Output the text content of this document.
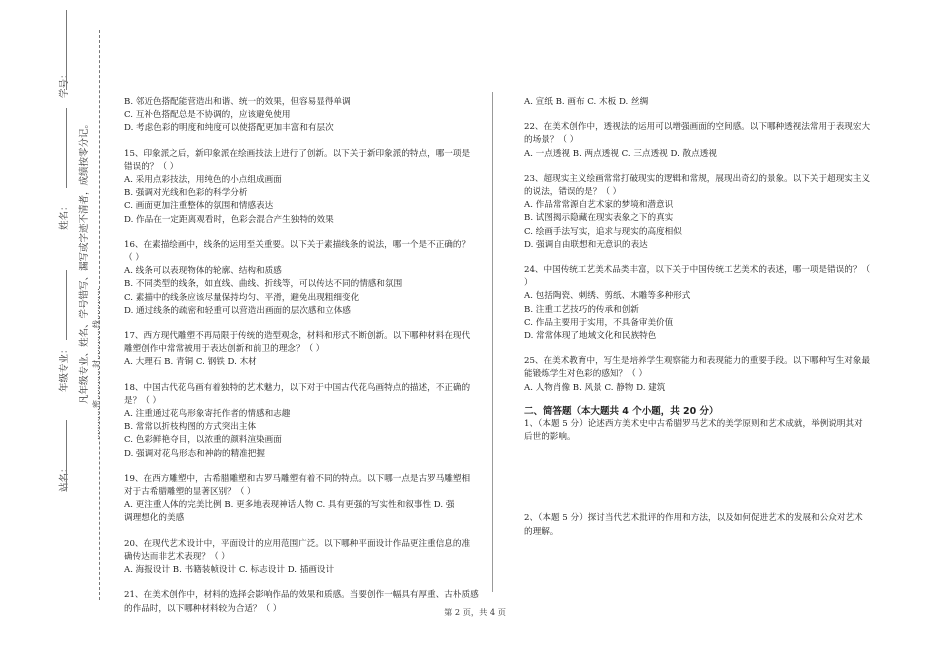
学号：
姓名：
年级专业：
站名：
凡年级专业、姓名、学号错写、漏写或字迹不清者，成绩按零分记。 …………密…………封…………线…………
B. 邻近色搭配能营造出和谐、统一的效果，但容易显得单调
C. 互补色搭配总是不协调的，应该避免使用
D. 考虑色彩的明度和纯度可以使搭配更加丰富和有层次
15、印象派之后，新印象派在绘画技法上进行了创新。以下关于新印象派的特点，哪一项是
错误的？（ ）
A. 采用点彩技法，用纯色的小点组成画面
B. 强调对光线和色彩的科学分析
C. 画面更加注重整体的氛围和情感表达
D. 作品在一定距离观看时，色彩会混合产生独特的效果
16、在素描绘画中，线条的运用至关重要。以下关于素描线条的说法，哪一个是不正确的？
（ ）
A. 线条可以表现物体的轮廓、结构和质感
B. 不同类型的线条，如直线、曲线、折线等，可以传达不同的情感和氛围
C. 素描中的线条应该尽量保持均匀、平滑，避免出现粗细变化
D. 通过线条的疏密和轻重可以营造出画面的层次感和立体感
17、西方现代雕塑不再局限于传统的造型观念，材料和形式不断创新。以下哪种材料在现代
雕塑创作中常常被用于表达创新和前卫的理念？（ ）
A. 大理石 B. 青铜 C. 钢铁 D. 木材
18、中国古代花鸟画有着独特的艺术魅力，以下对于中国古代花鸟画特点的描述，不正确的
是？（ ）
A. 注重通过花鸟形象寄托作者的情感和志趣
B. 常常以折枝构图的方式突出主体
C. 色彩鲜艳夺目，以浓重的颜料渲染画面
D. 强调对花鸟形态和神韵的精准把握
19、在西方雕塑中，古希腊雕塑和古罗马雕塑有着不同的特点。以下哪一点是古罗马雕塑相
对于古希腊雕塑的显著区别？（ ）
A. 更注重人体的完美比例 B. 更多地表现神话人物 C. 具有更强的写实性和叙事性 D. 强
调理想化的美感
20、在现代艺术设计中，平面设计的应用范围广泛。以下哪种平面设计作品更注重信息的准
确传达而非艺术表现？（ ）
A. 海报设计 B. 书籍装帧设计 C. 标志设计 D. 插画设计
21、在美术创作中，材料的选择会影响作品的效果和质感。当要创作一幅具有厚重、古朴质感
的作品时，以下哪种材料较为合适？（ ）
A. 宣纸 B. 画布 C. 木板 D. 丝绸
22、在美术创作中，透视法的运用可以增强画面的空间感。以下哪种透视法常用于表现宏大
的场景？（ ）
A. 一点透视 B. 两点透视 C. 三点透视 D. 散点透视
23、超现实主义绘画常常打破现实的逻辑和常规，展现出奇幻的景象。以下关于超现实主义
的说法，错误的是？（ ）
A. 作品常常源自艺术家的梦境和潜意识
B. 试图揭示隐藏在现实表象之下的真实
C. 绘画手法写实，追求与现实的高度相似
D. 强调自由联想和无意识的表达
24、中国传统工艺美术品类丰富，以下关于中国传统工艺美术的表述，哪一项是错误的？（
）
A. 包括陶瓷、刺绣、剪纸、木雕等多种形式
B. 注重工艺技巧的传承和创新
C. 作品主要用于实用，不具备审美价值
D. 常常体现了地域文化和民族特色
25、在美术教育中，写生是培养学生观察能力和表现能力的重要手段。以下哪种写生对象最
能锻炼学生对色彩的感知？（ ）
A. 人物肖像 B. 风景 C. 静物 D. 建筑
二、简答题（本大题共 4 个小题，共 20 分）
1、（本题 5 分）论述西方美术史中古希腊罗马艺术的美学原则和艺术成就，举例说明其对
后世的影响。
2、（本题 5 分）探讨当代艺术批评的作用和方法，以及如何促进艺术的发展和公众对艺术
的理解。
第 2 页，共 4 页
